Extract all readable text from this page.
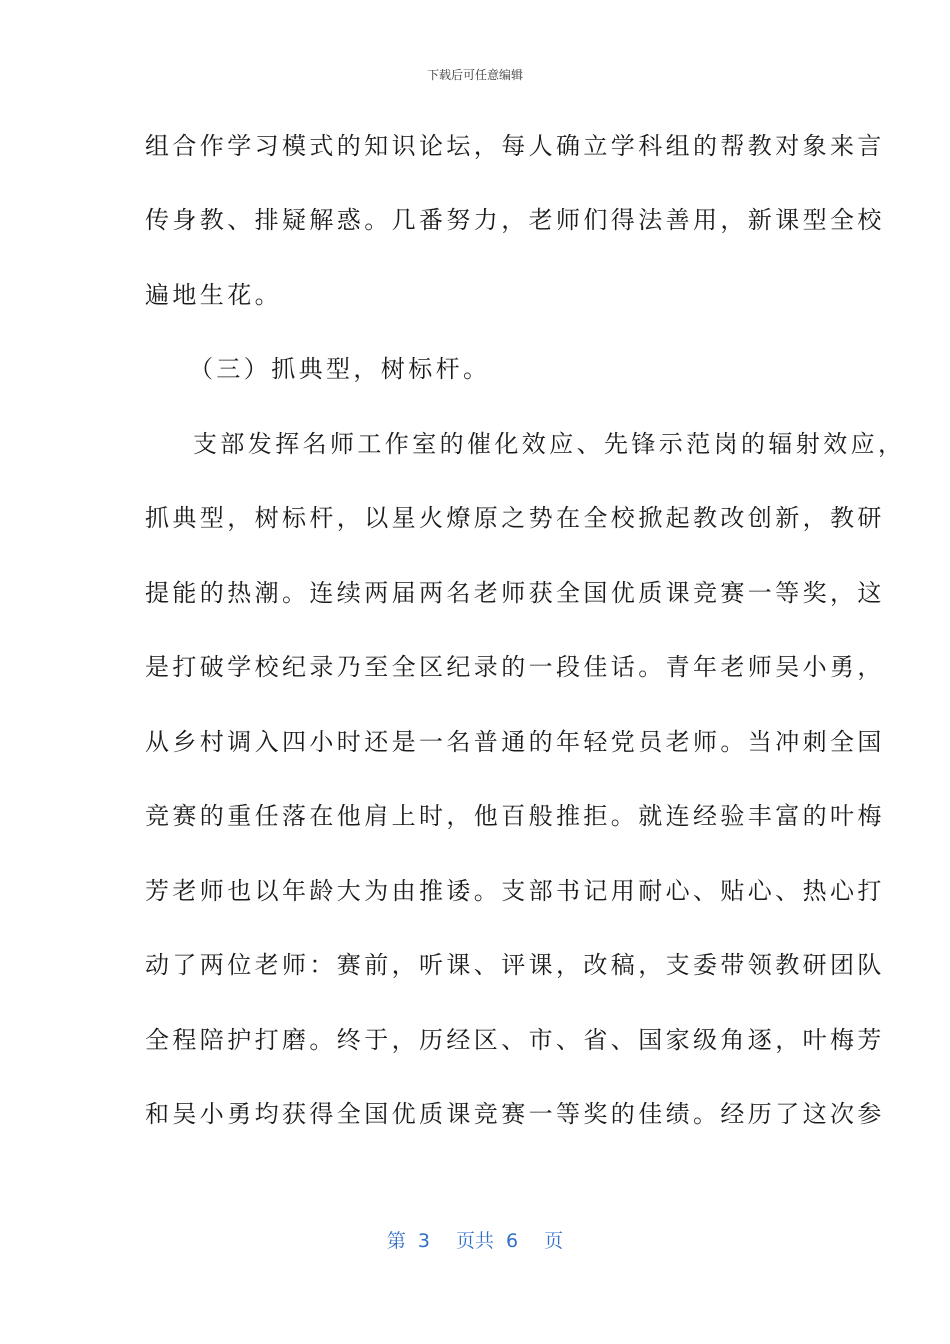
下载后可任意编辑
组合作学习模式的知识论坛，每人确立学科组的帮教对象来言
传身教、排疑解惑。几番努力，老师们得法善用，新课型全校
遍地生花。
（三）抓典型，树标杆。
支部发挥名师工作室的催化效应、先锋示范岗的辐射效应，
抓典型，树标杆，以星火燎原之势在全校掀起教改创新，教研
提能的热潮。连续两届两名老师获全国优质课竞赛一等奖，这
是打破学校纪录乃至全区纪录的一段佳话。青年老师吴小勇，
从乡村调入四小时还是一名普通的年轻党员老师。当冲刺全国
竞赛的重任落在他肩上时，他百般推拒。就连经验丰富的叶梅
芳老师也以年龄大为由推诿。支部书记用耐心、贴心、热心打
动了两位老师：赛前，听课、评课，改稿，支委带领教研团队
全程陪护打磨。终于，历经区、市、省、国家级角逐，叶梅芳
和吴小勇均获得全国优质课竞赛一等奖的佳绩。经历了这次参
第 3 页共 6 页
